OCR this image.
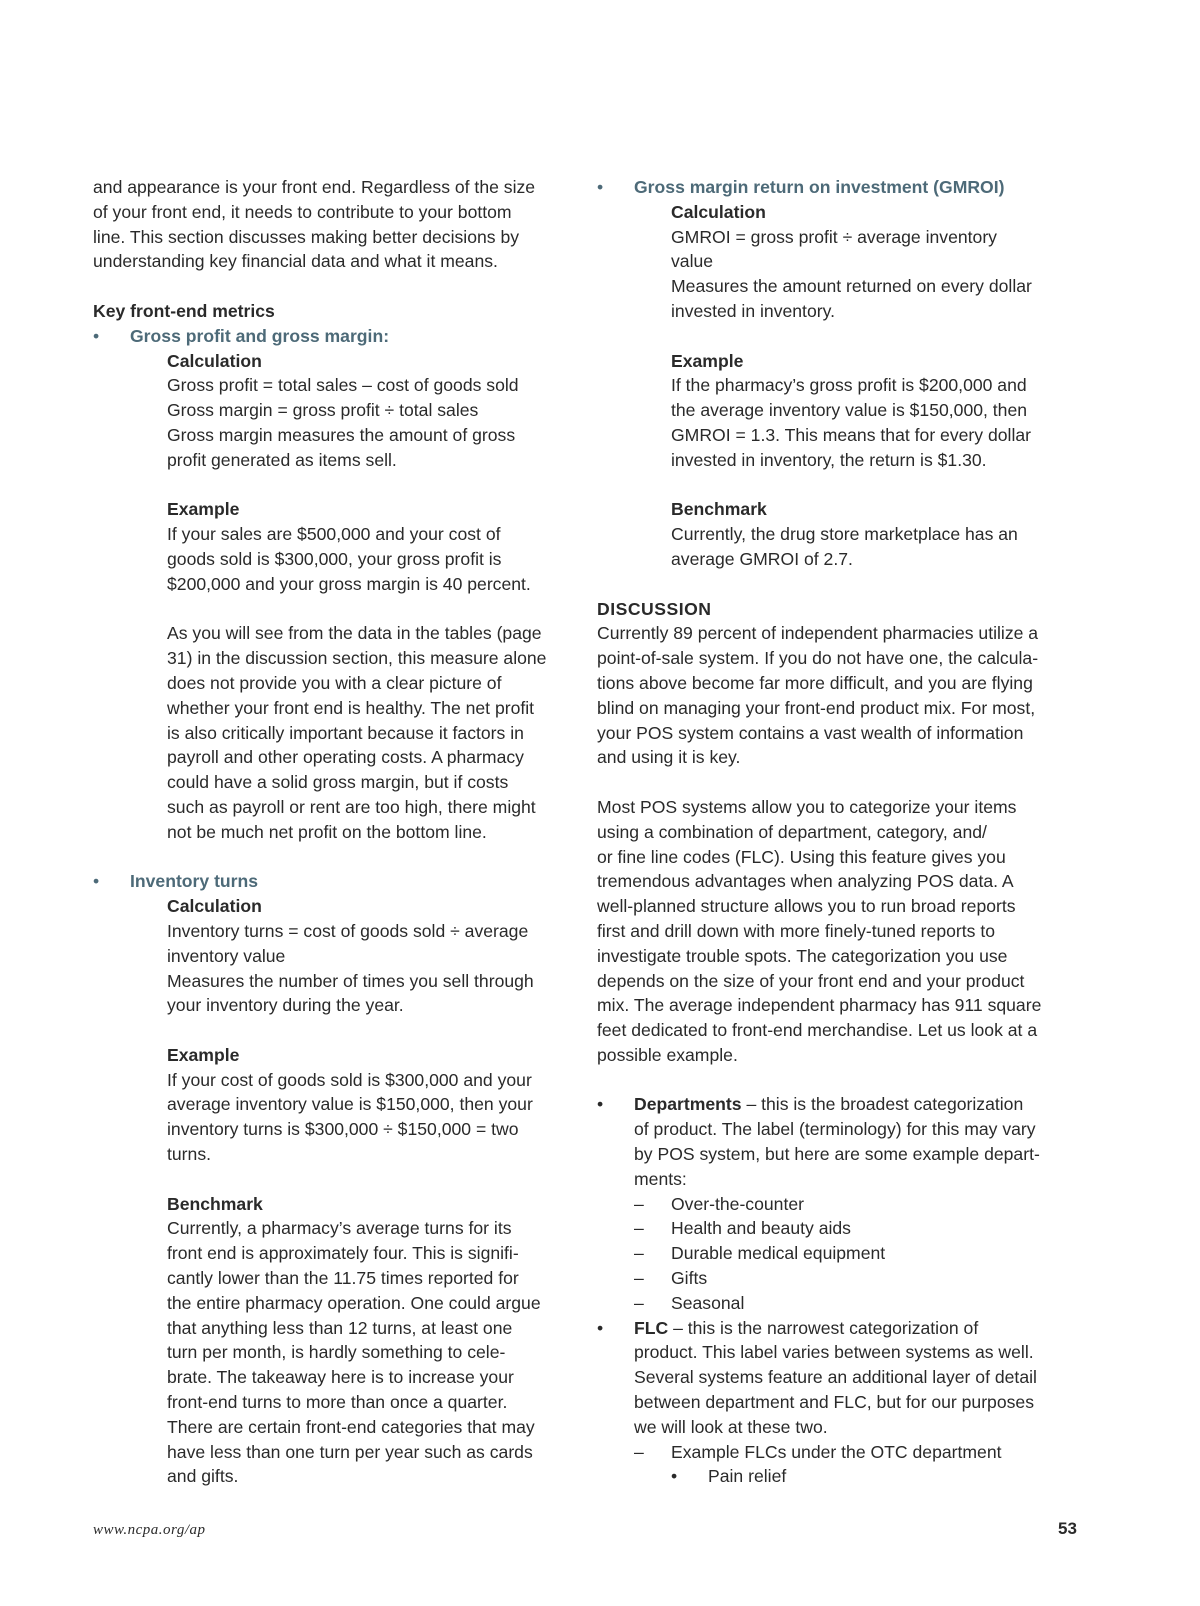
and appearance is your front end. Regardless of the size

of your front end, it needs to contribute to your bottom

line. This section discusses making better decisions by

understanding key financial data and what it means.

Key front-end metrics

• Gross profit and gross margin:

Calculation

Gross profit = total sales – cost of goods sold

Gross margin = gross profit ÷ total sales

Gross margin measures the amount of gross

profit generated as items sell.

Example

If your sales are $500,000 and your cost of

goods sold is $300,000, your gross profit is

$200,000 and your gross margin is 40 percent.

As you will see from the data in the tables (page

31) in the discussion section, this measure alone

does not provide you with a clear picture of

whether your front end is healthy. The net profit

is also critically important because it factors in

payroll and other operating costs. A pharmacy

could have a solid gross margin, but if costs

such as payroll or rent are too high, there might

not be much net profit on the bottom line.

• Inventory turns

Calculation

Inventory turns = cost of goods sold ÷ average

inventory value

Measures the number of times you sell through

your inventory during the year.

Example

If your cost of goods sold is $300,000 and your

average inventory value is $150,000, then your

inventory turns is $300,000 ÷ $150,000 = two

turns.

Benchmark

Currently, a pharmacy’s average turns for its

front end is approximately four. This is signifi-

cantly lower than the 11.75 times reported for

the entire pharmacy operation. One could argue

that anything less than 12 turns, at least one

turn per month, is hardly something to cele-

brate. The takeaway here is to increase your

front-end turns to more than once a quarter.

There are certain front-end categories that may

have less than one turn per year such as cards

and gifts.

• Gross margin return on investment (GMROI)

Calculation

GMROI = gross profit ÷ average inventory

value

Measures the amount returned on every dollar

invested in inventory.

Example

If the pharmacy’s gross profit is $200,000 and

the average inventory value is $150,000, then

GMROI = 1.3. This means that for every dollar

invested in inventory, the return is $1.30.

Benchmark

Currently, the drug store marketplace has an

average GMROI of 2.7.

DISCUSSION

Currently 89 percent of independent pharmacies utilize a

point-of-sale system. If you do not have one, the calcula-

tions above become far more difficult, and you are flying

blind on managing your front-end product mix. For most,

your POS system contains a vast wealth of information

and using it is key.

Most POS systems allow you to categorize your items

using a combination of department, category, and/

or fine line codes (FLC). Using this feature gives you

tremendous advantages when analyzing POS data. A

well-planned structure allows you to run broad reports

first and drill down with more finely-tuned reports to

investigate trouble spots. The categorization you use

depends on the size of your front end and your product

mix. The average independent pharmacy has 911 square

feet dedicated to front-end merchandise. Let us look at a

possible example.

• Departments – this is the broadest categorization

of product. The label (terminology) for this may vary

by POS system, but here are some example depart-

ments:

– Over-the-counter

– Health and beauty aids

– Durable medical equipment

– Gifts

– Seasonal

• FLC – this is the narrowest categorization of

product. This label varies between systems as well.

Several systems feature an additional layer of detail

between department and FLC, but for our purposes

we will look at these two.

– Example FLCs under the OTC department

• Pain relief

www.ncpa.org/ap	53
